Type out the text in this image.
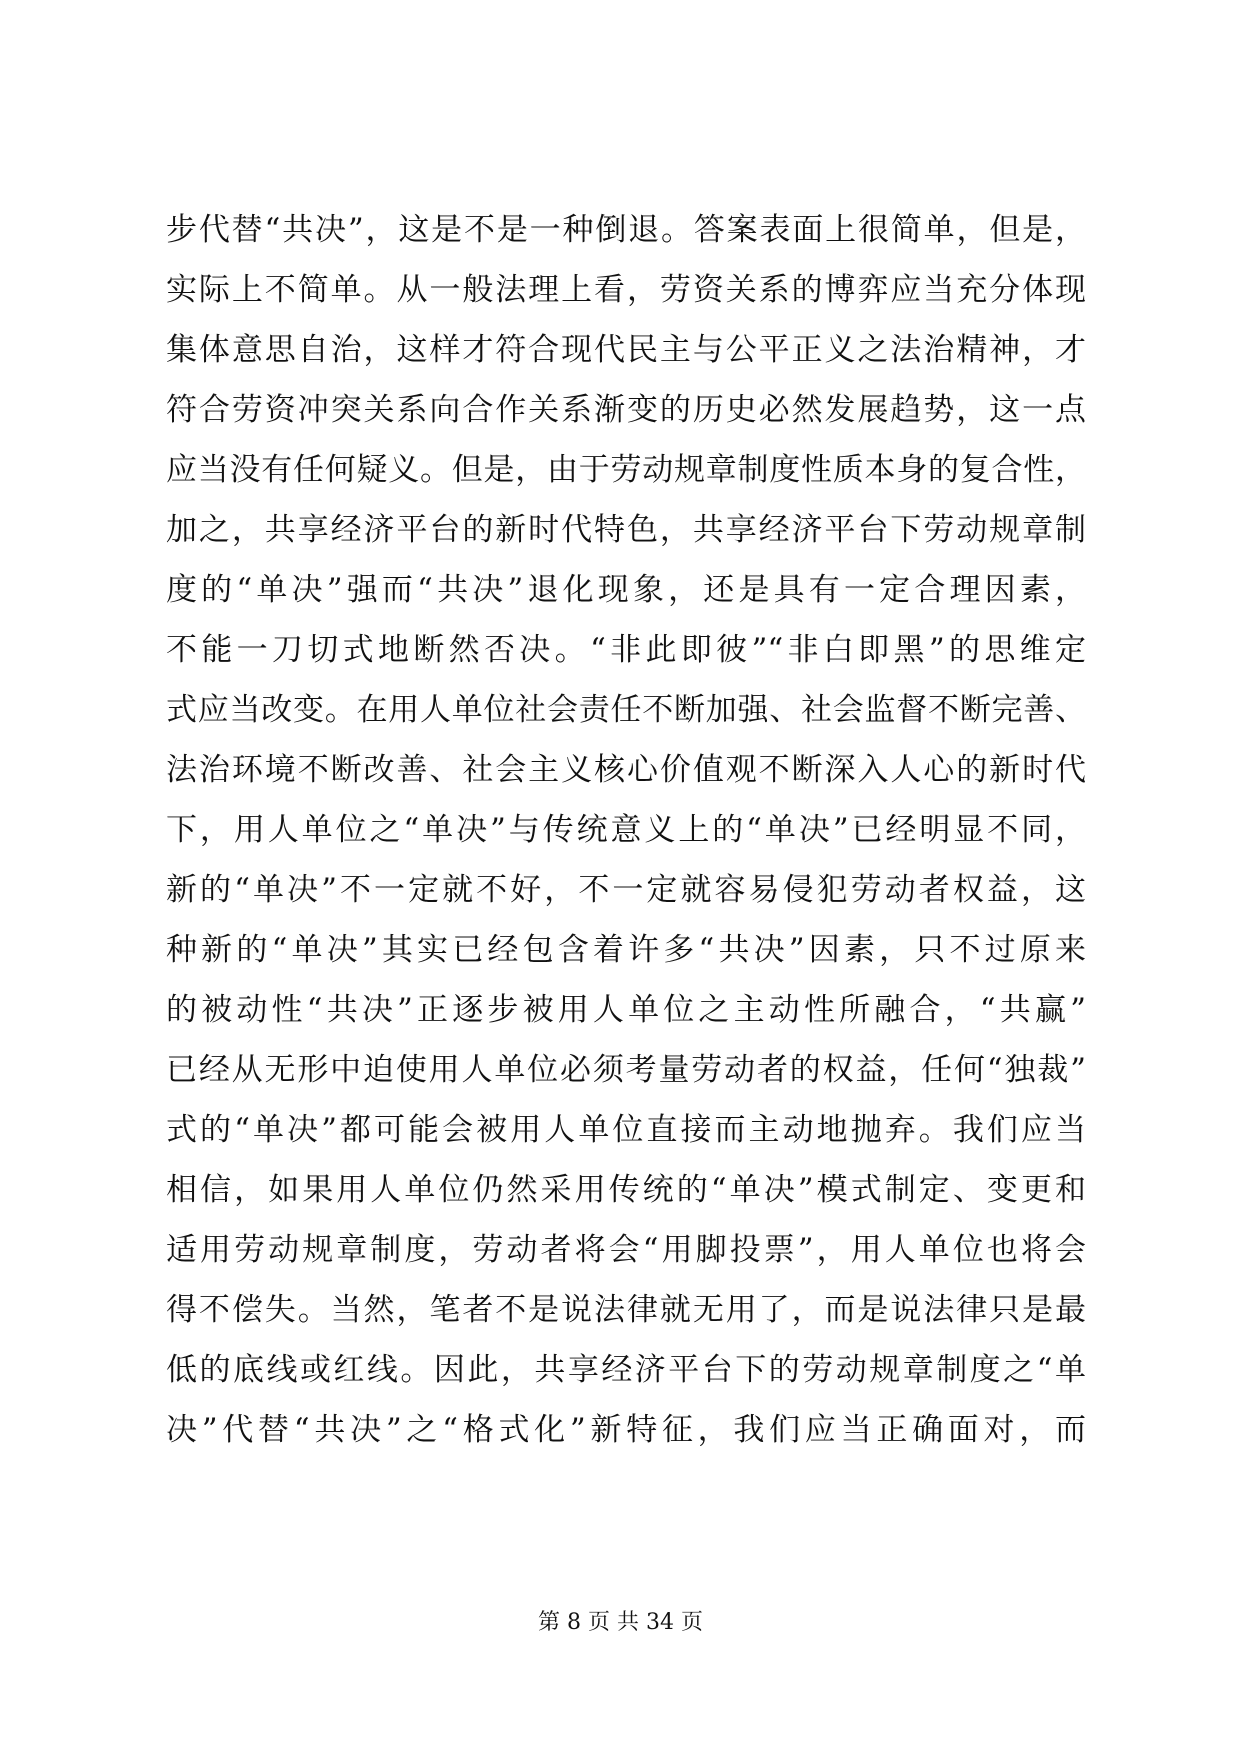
步代替“共决”，这是不是一种倒退。答案表面上很简单，但是，
实际上不简单。从一般法理上看，劳资关系的博弈应当充分体现
集体意思自治，这样才符合现代民主与公平正义之法治精神，才
符合劳资冲突关系向合作关系渐变的历史必然发展趋势，这一点
应当没有任何疑义。但是，由于劳动规章制度性质本身的复合性，
加之，共享经济平台的新时代特色，共享经济平台下劳动规章制
度的“单决”强而“共决”退化现象，还是具有一定合理因素，
不能一刀切式地断然否决。“非此即彼”“非白即黑”的思维定
式应当改变。在用人单位社会责任不断加强、社会监督不断完善、
法治环境不断改善、社会主义核心价值观不断深入人心的新时代
下，用人单位之“单决”与传统意义上的“单决”已经明显不同，
新的“单决”不一定就不好，不一定就容易侵犯劳动者权益，这
种新的“单决”其实已经包含着许多“共决”因素，只不过原来
的被动性“共决”正逐步被用人单位之主动性所融合，“共赢”
已经从无形中迫使用人单位必须考量劳动者的权益，任何“独裁”
式的“单决”都可能会被用人单位直接而主动地抛弃。我们应当
相信，如果用人单位仍然采用传统的“单决”模式制定、变更和
适用劳动规章制度，劳动者将会“用脚投票”，用人单位也将会
得不偿失。当然，笔者不是说法律就无用了，而是说法律只是最
低的底线或红线。因此，共享经济平台下的劳动规章制度之“单
决”代替“共决”之“格式化”新特征，我们应当正确面对，而
第 8 页 共 34 页
